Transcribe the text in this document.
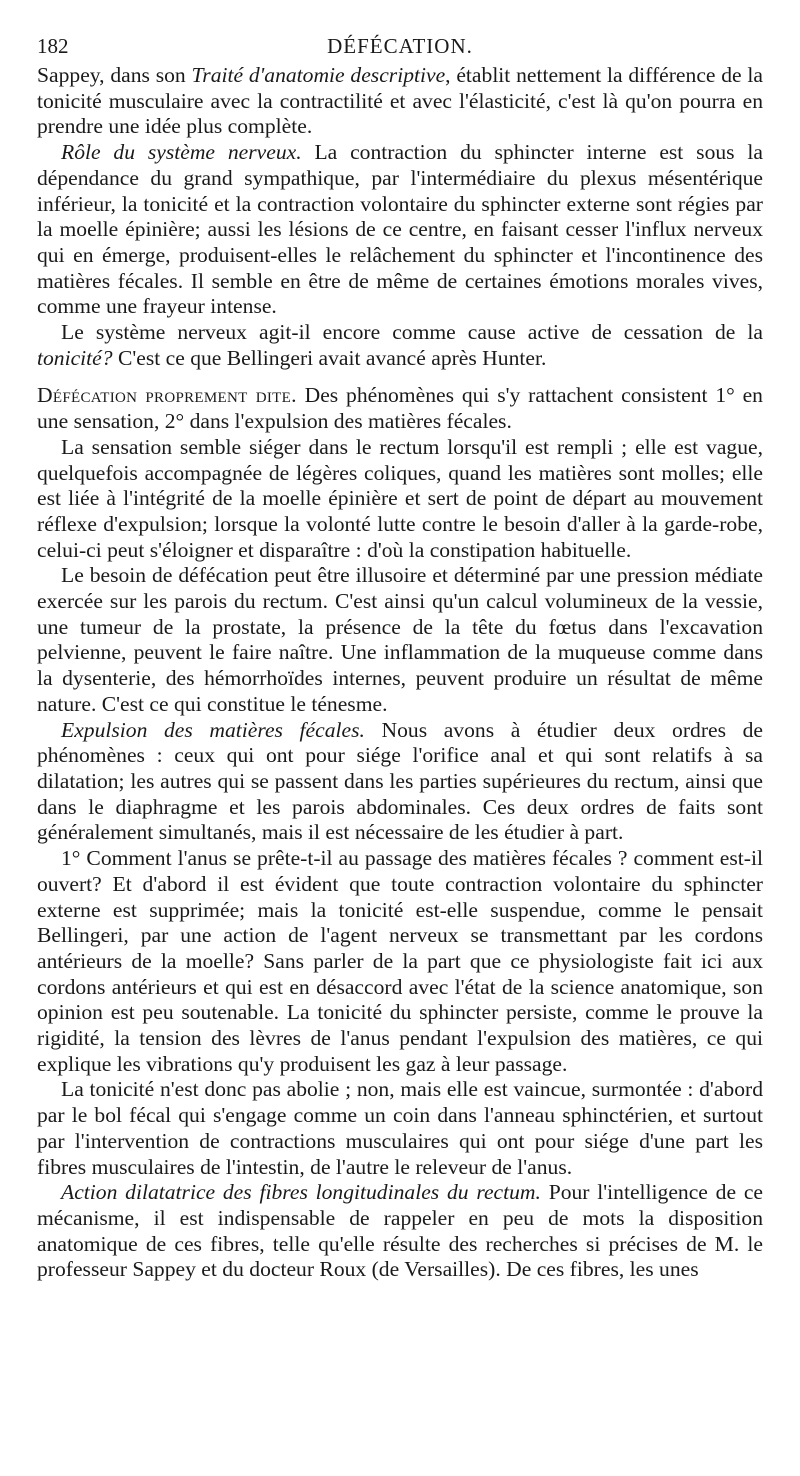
182	DÉFÉCATION.

Sappey, dans son Traité d'anatomie descriptive, établit nettement la différence de la tonicité musculaire avec la contractilité et avec l'élasticité, c'est là qu'on pourra en prendre une idée plus complète.

Rôle du système nerveux. La contraction du sphincter interne est sous la dépendance du grand sympathique, par l'intermédiaire du plexus mésentérique inférieur, la tonicité et la contraction volontaire du sphincter externe sont régies par la moelle épinière; aussi les lésions de ce centre, en faisant cesser l'influx nerveux qui en émerge, produisent-elles le relâchement du sphincter et l'incontinence des matières fécales. Il semble en être de même de certaines émotions morales vives, comme une frayeur intense.

Le système nerveux agit-il encore comme cause active de cessation de la tonicité? C'est ce que Bellingeri avait avancé après Hunter.

Défécation proprement dite. Des phénomènes qui s'y rattachent consistent 1° en une sensation, 2° dans l'expulsion des matières fécales.

La sensation semble siéger dans le rectum lorsqu'il est rempli ; elle est vague, quelquefois accompagnée de légères coliques, quand les matières sont molles; elle est liée à l'intégrité de la moelle épinière et sert de point de départ au mouvement réflexe d'expulsion; lorsque la volonté lutte contre le besoin d'aller à la garde-robe, celui-ci peut s'éloigner et disparaître : d'où la constipation habituelle.

Le besoin de défécation peut être illusoire et déterminé par une pression médiate exercée sur les parois du rectum. C'est ainsi qu'un calcul volumineux de la vessie, une tumeur de la prostate, la présence de la tête du fœtus dans l'excavation pelvienne, peuvent le faire naître. Une inflammation de la muqueuse comme dans la dysenterie, des hémorrhoïdes internes, peuvent produire un résultat de même nature. C'est ce qui constitue le ténesme.

Expulsion des matières fécales. Nous avons à étudier deux ordres de phénomènes : ceux qui ont pour siége l'orifice anal et qui sont relatifs à sa dilatation; les autres qui se passent dans les parties supérieures du rectum, ainsi que dans le diaphragme et les parois abdominales. Ces deux ordres de faits sont généralement simultanés, mais il est nécessaire de les étudier à part.

1° Comment l'anus se prête-t-il au passage des matières fécales ? comment est-il ouvert? Et d'abord il est évident que toute contraction volontaire du sphincter externe est supprimée; mais la tonicité est-elle suspendue, comme le pensait Bellingeri, par une action de l'agent nerveux se transmettant par les cordons antérieurs de la moelle? Sans parler de la part que ce physiologiste fait ici aux cordons antérieurs et qui est en désaccord avec l'état de la science anatomique, son opinion est peu soutenable. La tonicité du sphincter persiste, comme le prouve la rigidité, la tension des lèvres de l'anus pendant l'expulsion des matières, ce qui explique les vibrations qu'y produisent les gaz à leur passage.

La tonicité n'est donc pas abolie ; non, mais elle est vaincue, surmontée : d'abord par le bol fécal qui s'engage comme un coin dans l'anneau sphinctérien, et surtout par l'intervention de contractions musculaires qui ont pour siége d'une part les fibres musculaires de l'intestin, de l'autre le releveur de l'anus.

Action dilatatrice des fibres longitudinales du rectum. Pour l'intelligence de ce mécanisme, il est indispensable de rappeler en peu de mots la disposition anatomique de ces fibres, telle qu'elle résulte des recherches si précises de M. le professeur Sappey et du docteur Roux (de Versailles). De ces fibres, les unes
